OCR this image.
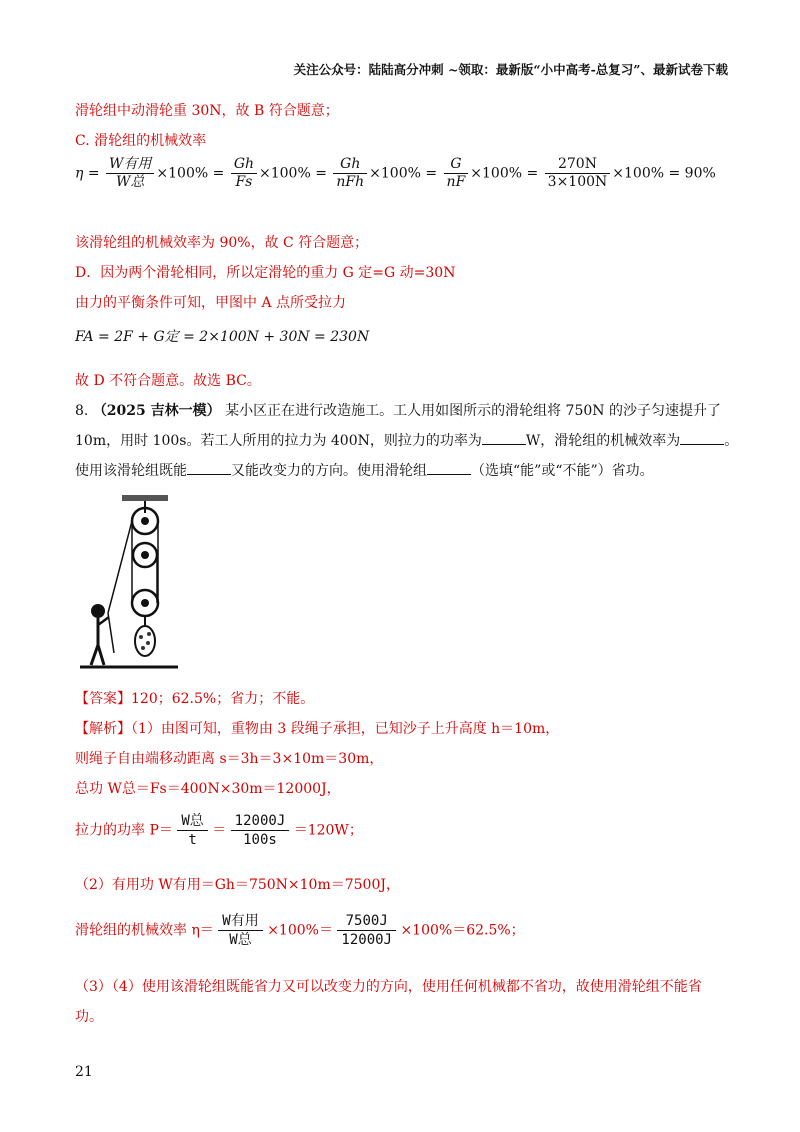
关注公众号：陆陆高分冲刺 ~领取：最新版“小中高考-总复习”、最新试卷下载
滑轮组中动滑轮重 30N，故 B 符合题意；
C. 滑轮组的机械效率
$\eta = \frac{\text{W有用}}{\text{W总}} \times 100\% = \frac{Gh}{Fs} \times 100\% = \frac{Gh}{\text{nFh}} \times 100\% = \frac{G}{nF} \times 100\% = \frac{270N}{3\times 100N} \times 100\% = 90\%$
该滑轮组的机械效率为 90%，故 C 符合题意；
D．因为两个滑轮相同，所以定滑轮的重力 G 定=G 动=30N
由力的平衡条件可知，甲图中 A 点所受拉力
FA = 2F + G定 = 2×100N + 30N = 230N
故 D 不符合题意。故选 BC。
8. （2025 吉林一模） 某小区正在进行改造施工。工人用如图所示的滑轮组将 750N 的沙子匀速提升了
10m，用时 100s。若工人所用的拉力为 400N，则拉力的功率为	W，滑轮组的机械效率为	。
使用该滑轮组既能	又能改变力的方向。使用滑轮组	（选填“能”或“不能”）省功。
【答案】120；62.5%；省力；不能。
【解析】（1）由图可知，重物由 3 段绳子承担，已知沙子上升高度 h＝10m，
则绳子自由端移动距离 s＝3h＝3×10m＝30m，
总功 W总＝Fs＝400N×30m＝12000J，
拉力的功率 P＝
W总
t
＝ $\frac{12000J}{100s} =120W$；
（2）有用功 W有用＝Gh＝750N×10m＝7500J，
滑轮组的机械效率 η＝
W有用
W总
$\times 100\%= \frac{7500J}{12000J} \times 100\%=62.5\%$；
（3）（4）使用该滑轮组既能省力又可以改变力的方向，使用任何机械都不省功，故使用滑轮组不能省
功。
21
